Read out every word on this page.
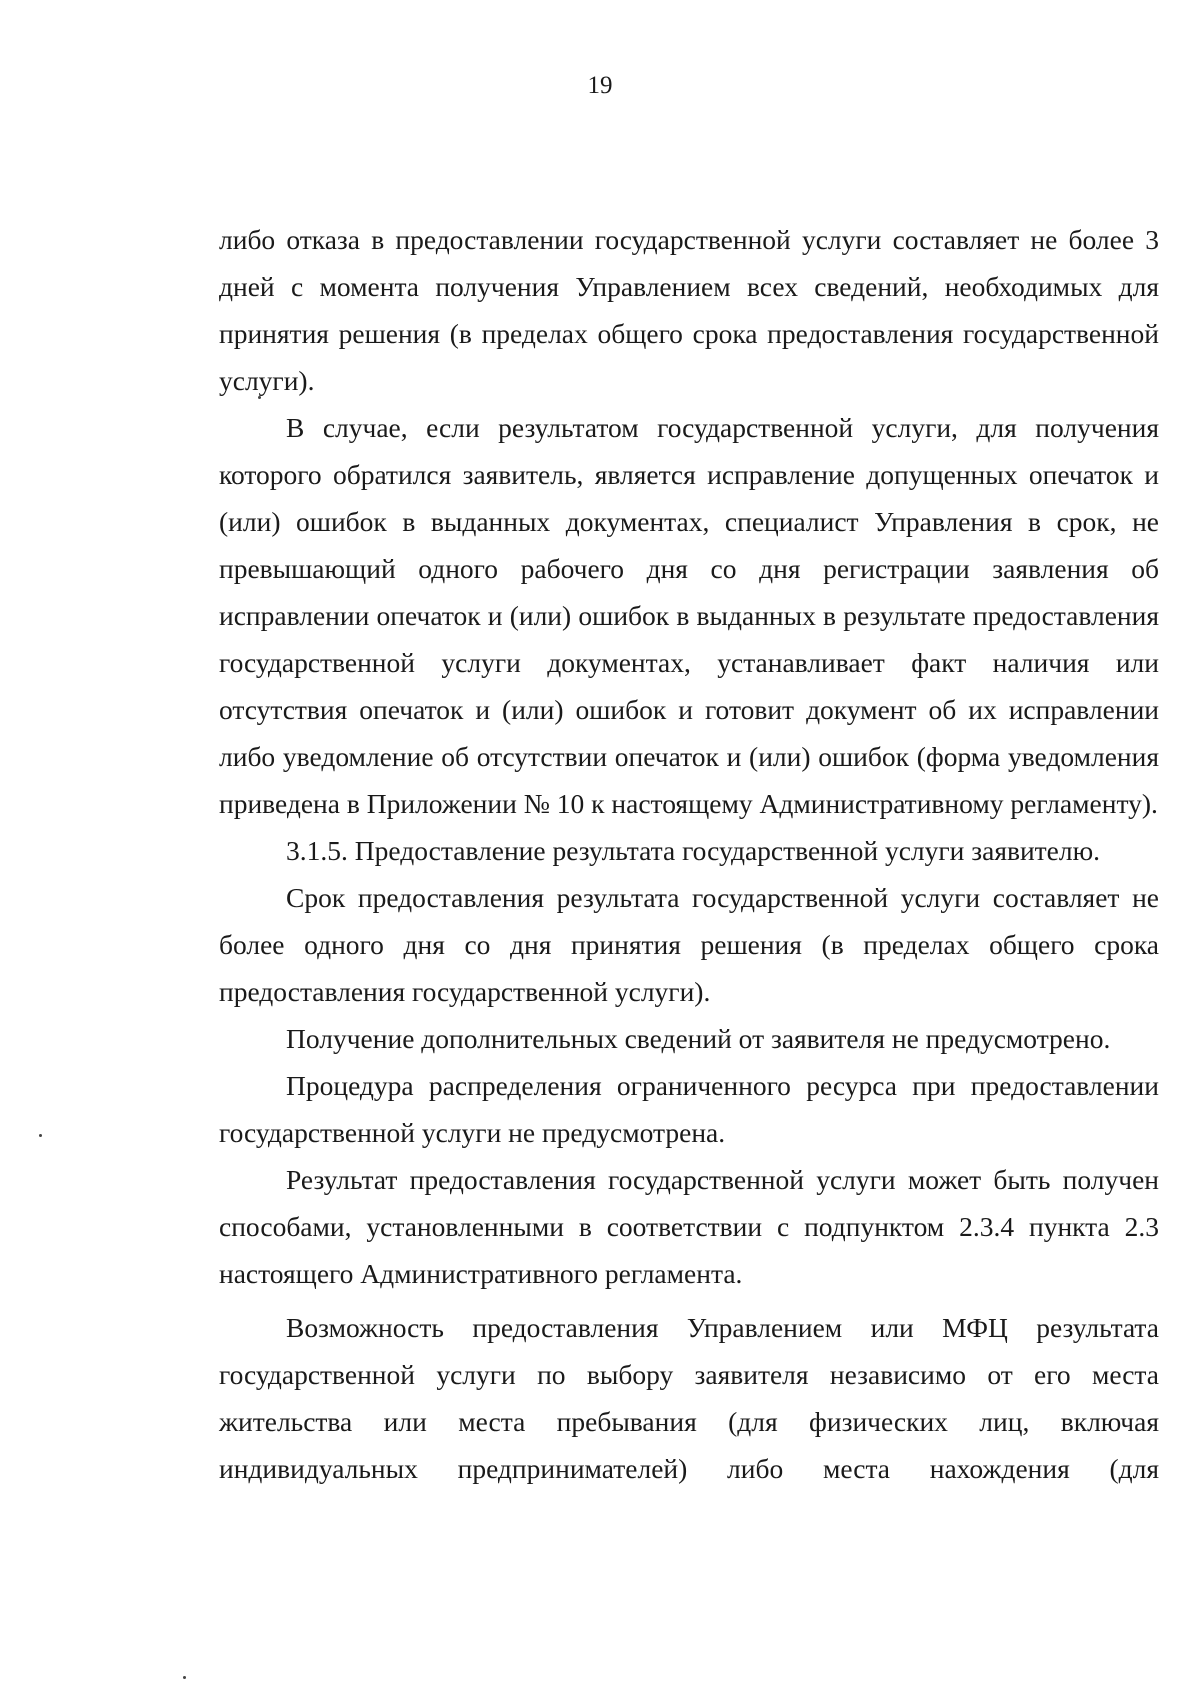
19

либо отказа в предоставлении государственной услуги составляет не более 3 дней с момента получения Управлением всех сведений, необходимых для принятия решения (в пределах общего срока предоставления государственной услуги).

В случае, если результатом государственной услуги, для получения которого обратился заявитель, является исправление допущенных опечаток и (или) ошибок в выданных документах, специалист Управления в срок, не превышающий одного рабочего дня со дня регистрации заявления об исправлении опечаток и (или) ошибок в выданных в результате предоставления государственной услуги документах, устанавливает факт наличия или отсутствия опечаток и (или) ошибок и готовит документ об их исправлении либо уведомление об отсутствии опечаток и (или) ошибок (форма уведомления приведена в Приложении № 10 к настоящему Административному регламенту).

3.1.5. Предоставление результата государственной услуги заявителю.

Срок предоставления результата государственной услуги составляет не более одного дня со дня принятия решения (в пределах общего срока предоставления государственной услуги).

Получение дополнительных сведений от заявителя не предусмотрено.

Процедура распределения ограниченного ресурса при предоставлении государственной услуги не предусмотрена.

Результат предоставления государственной услуги может быть получен способами, установленными в соответствии с подпунктом 2.3.4 пункта 2.3 настоящего Административного регламента.

Возможность предоставления Управлением или МФЦ результата государственной услуги по выбору заявителя независимо от его места жительства или места пребывания (для физических лиц, включая индивидуальных предпринимателей) либо места нахождения (для
